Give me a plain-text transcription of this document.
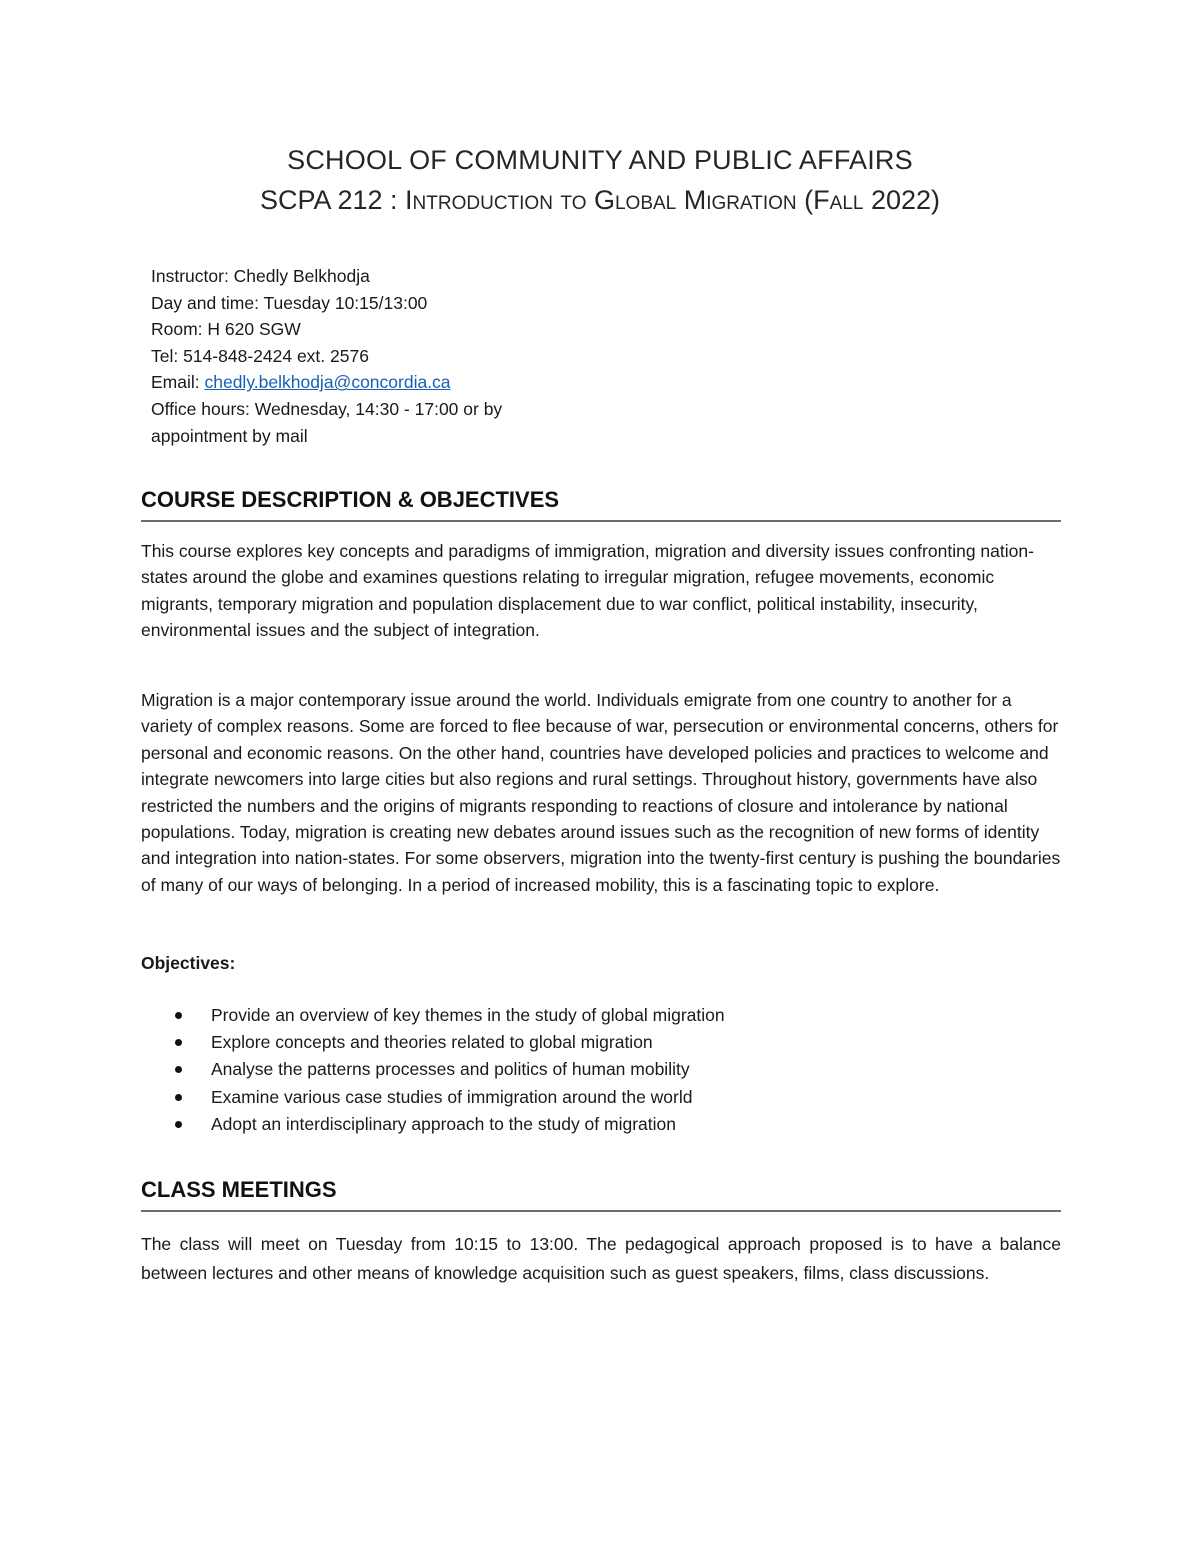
SCHOOL OF COMMUNITY AND PUBLIC AFFAIRS
SCPA 212 : Introduction to Global Migration (Fall 2022)
Instructor: Chedly Belkhodja
Day and time: Tuesday 10:15/13:00
Room: H 620 SGW
Tel: 514-848-2424 ext. 2576
Email: chedly.belkhodja@concordia.ca
Office hours: Wednesday, 14:30 - 17:00 or by appointment by mail
COURSE DESCRIPTION & OBJECTIVES
This course explores key concepts and paradigms of immigration, migration and diversity issues confronting nation-states around the globe and examines questions relating to irregular migration, refugee movements, economic migrants, temporary migration and population displacement due to war conflict, political instability, insecurity, environmental issues and the subject of integration.
Migration is a major contemporary issue around the world. Individuals emigrate from one country to another for a variety of complex reasons. Some are forced to flee because of war, persecution or environmental concerns, others for personal and economic reasons. On the other hand, countries have developed policies and practices to welcome and integrate newcomers into large cities but also regions and rural settings. Throughout history, governments have also restricted the numbers and the origins of migrants responding to reactions of closure and intolerance by national populations. Today, migration is creating new debates around issues such as the recognition of new forms of identity and integration into nation-states. For some observers, migration into the twenty-first century is pushing the boundaries of many of our ways of belonging. In a period of increased mobility, this is a fascinating topic to explore.
Objectives:
Provide an overview of key themes in the study of global migration
Explore concepts and theories related to global migration
Analyse the patterns processes and politics of human mobility
Examine various case studies of immigration around the world
Adopt an interdisciplinary approach to the study of migration
CLASS MEETINGS
The class will meet on Tuesday from 10:15 to 13:00. The pedagogical approach proposed is to have a balance between lectures and other means of knowledge acquisition such as guest speakers, films, class discussions.
